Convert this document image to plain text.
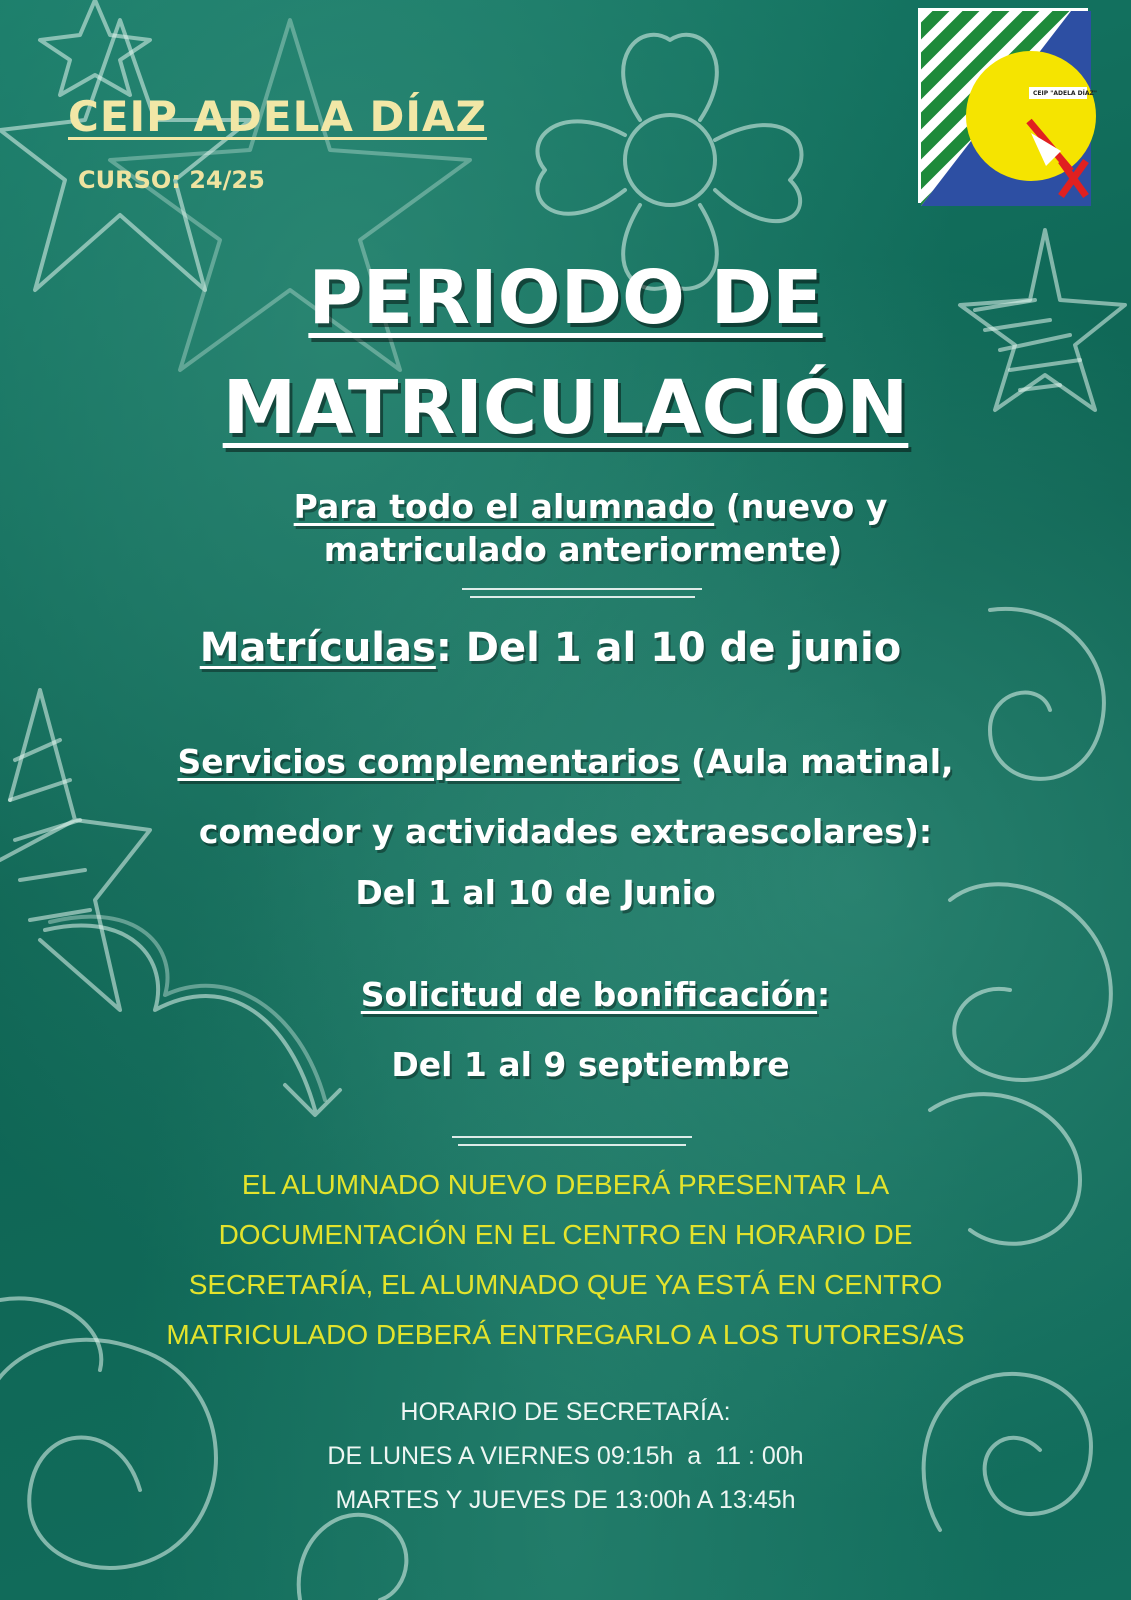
CEIP ADELA DÍAZ
CURSO: 24/25
CEIP "ADELA DÍAZ"
PERIODO DE
MATRICULACIÓN
Para todo el alumnado (nuevo y
matriculado anteriormente)
Matrículas: Del 1 al 10 de junio
Servicios complementarios (Aula matinal,
comedor y actividades extraescolares):
Del 1 al 10 de Junio
Solicitud de bonificación:
Del 1 al 9 septiembre
EL ALUMNADO NUEVO DEBERÁ PRESENTAR LA
DOCUMENTACIÓN EN EL CENTRO EN HORARIO DE
SECRETARÍA, EL ALUMNADO QUE YA ESTÁ EN CENTRO
MATRICULADO DEBERÁ ENTREGARLO A LOS TUTORES/AS
HORARIO DE SECRETARÍA:
DE LUNES A VIERNES 09:15h  a  11 : 00h
MARTES Y JUEVES DE 13:00h A 13:45h
